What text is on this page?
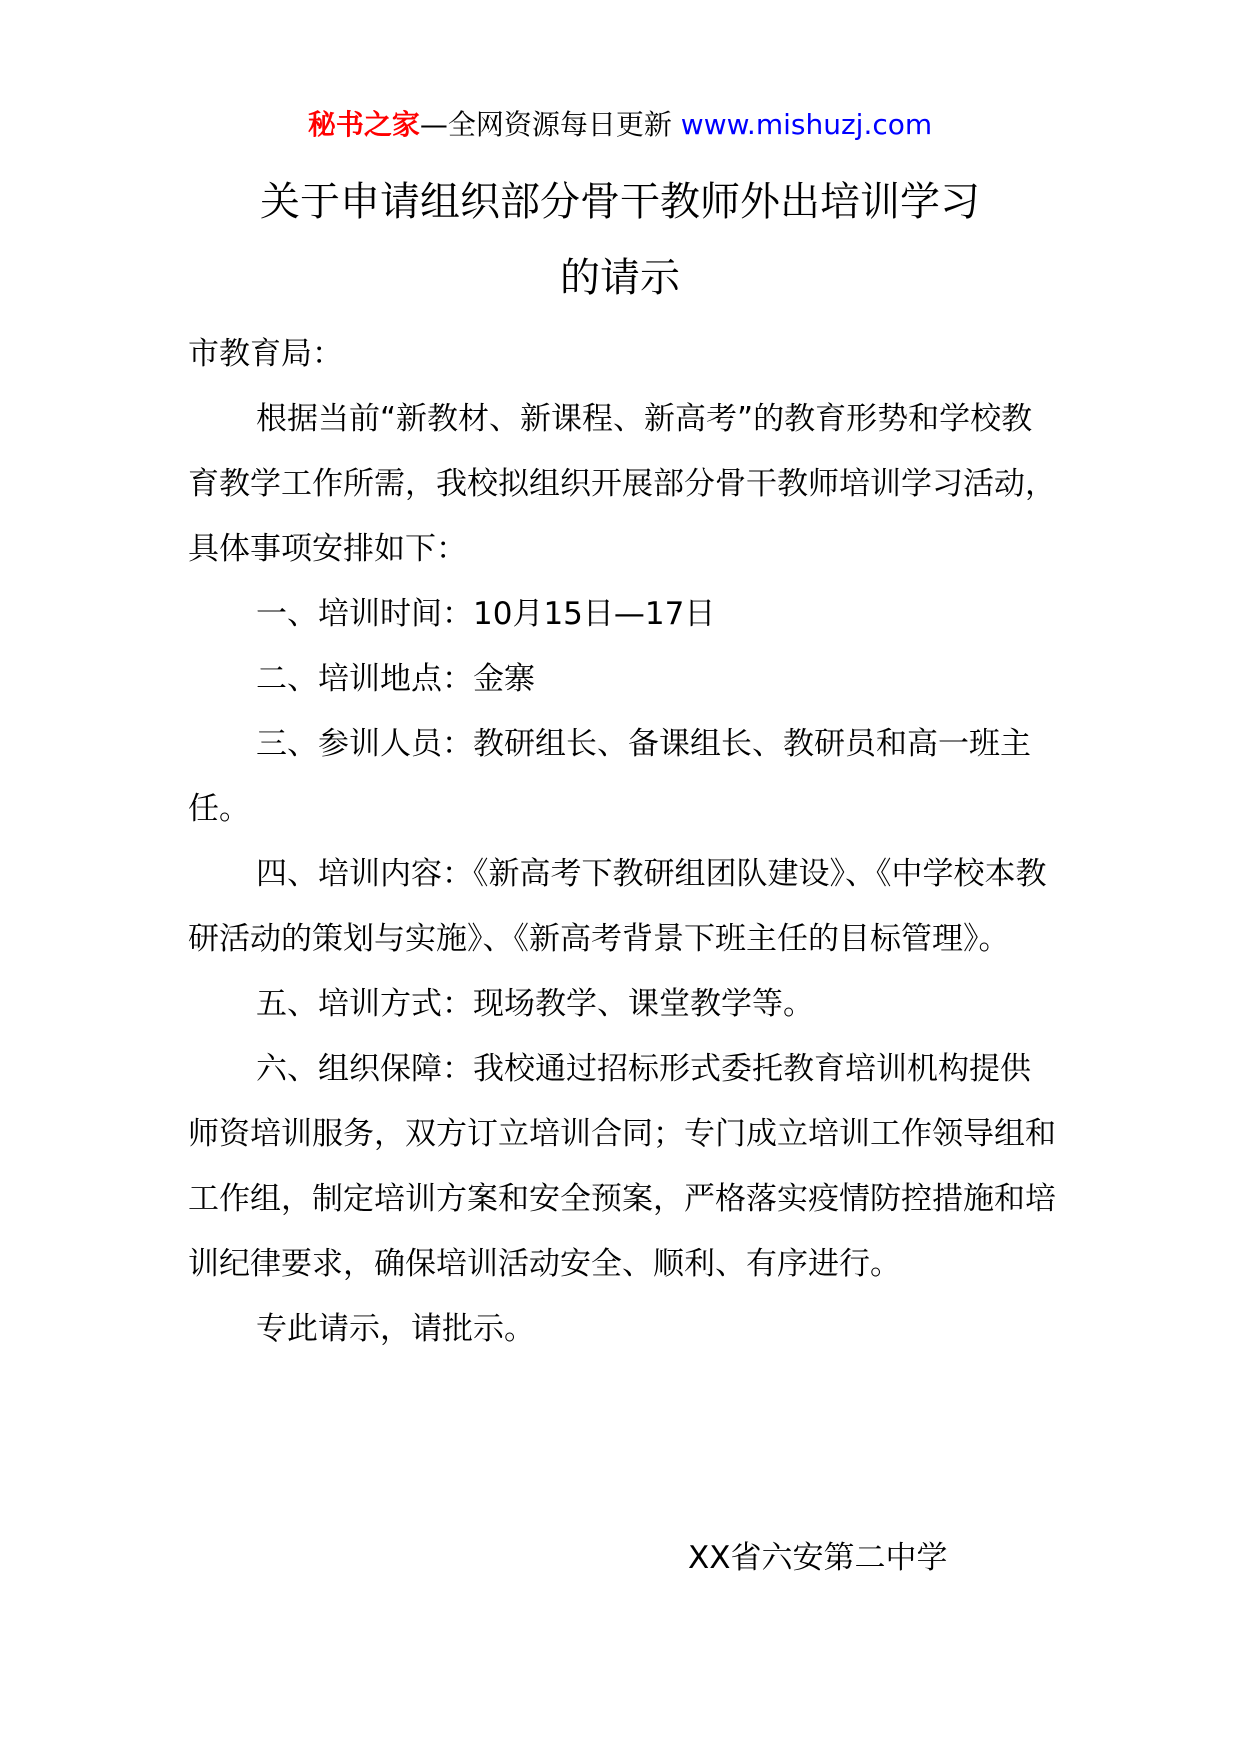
秘书之家—全网资源每日更新 www.mishuzj.com
关于申请组织部分骨干教师外出培训学习
的请示

市教育局：

根据当前“新教材、新课程、新高考”的教育形势和学校教育教学工作所需，我校拟组织开展部分骨干教师培训学习活动，具体事项安排如下：

一、培训时间：10月15日—17日

二、培训地点：金寨

三、参训人员：教研组长、备课组长、教研员和高一班主任。

四、培训内容：《新高考下教研组团队建设》、《中学校本教研活动的策划与实施》、《新高考背景下班主任的目标管理》。

五、培训方式：现场教学、课堂教学等。

六、组织保障：我校通过招标形式委托教育培训机构提供师资培训服务，双方订立培训合同；专门成立培训工作领导组和工作组，制定培训方案和安全预案，严格落实疫情防控措施和培训纪律要求，确保培训活动安全、顺利、有序进行。

专此请示，请批示。

XX省六安第二中学
